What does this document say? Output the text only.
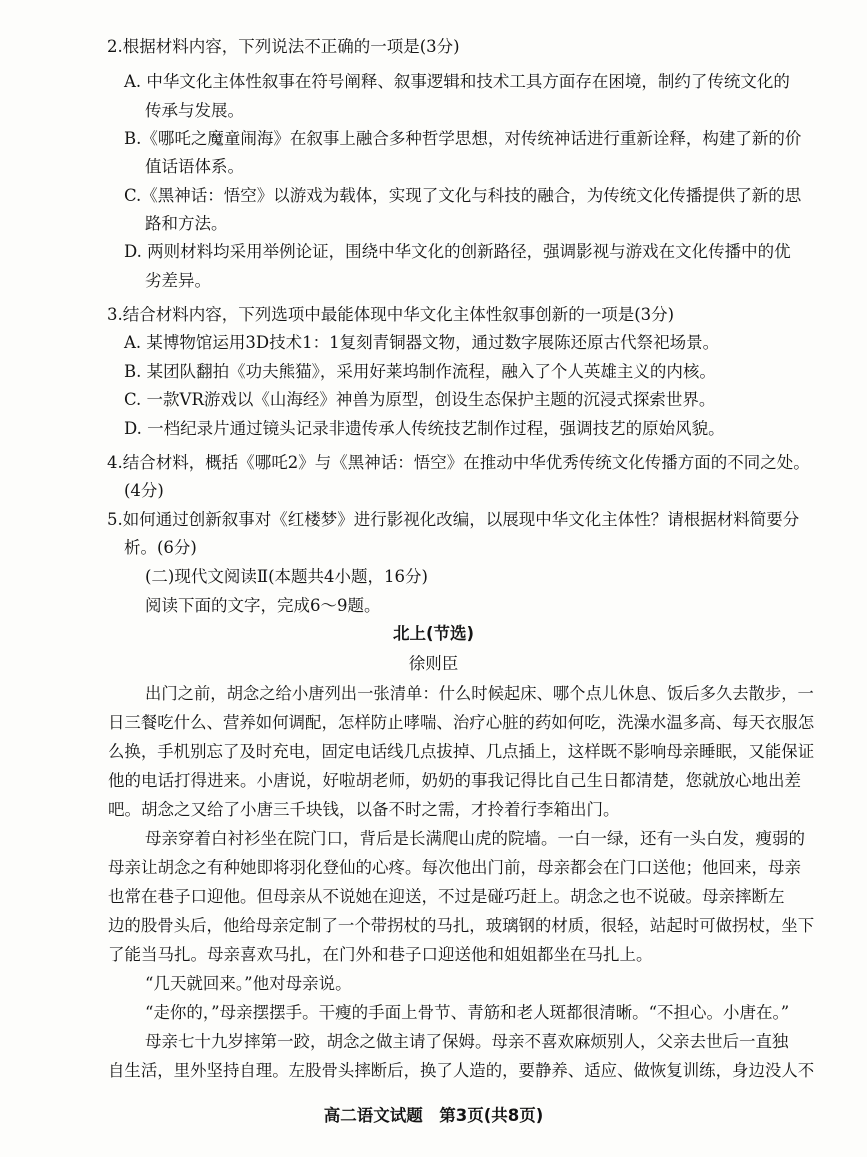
2.根据材料内容，下列说法不正确的一项是(3分)
A. 中华文化主体性叙事在符号阐释、叙事逻辑和技术工具方面存在困境，制约了传统文化的
传承与发展。
B.《哪吒之魔童闹海》在叙事上融合多种哲学思想，对传统神话进行重新诠释，构建了新的价
值话语体系。
C.《黑神话：悟空》以游戏为载体，实现了文化与科技的融合，为传统文化传播提供了新的思
路和方法。
D. 两则材料均采用举例论证，围绕中华文化的创新路径，强调影视与游戏在文化传播中的优
劣差异。
3.结合材料内容，下列选项中最能体现中华文化主体性叙事创新的一项是(3分)
A. 某博物馆运用3D技术1：1复刻青铜器文物，通过数字展陈还原古代祭祀场景。
B. 某团队翻拍《功夫熊猫》，采用好莱坞制作流程，融入了个人英雄主义的内核。
C. 一款VR游戏以《山海经》神兽为原型，创设生态保护主题的沉浸式探索世界。
D. 一档纪录片通过镜头记录非遗传承人传统技艺制作过程，强调技艺的原始风貌。
4.结合材料，概括《哪吒2》与《黑神话：悟空》在推动中华优秀传统文化传播方面的不同之处。
(4分)
5.如何通过创新叙事对《红楼梦》进行影视化改编，以展现中华文化主体性？请根据材料简要分
析。(6分)
(二)现代文阅读Ⅱ(本题共4小题，16分)
阅读下面的文字，完成6～9题。
北上(节选)
徐则臣
出门之前，胡念之给小唐列出一张清单：什么时候起床、哪个点儿休息、饭后多久去散步，一
日三餐吃什么、营养如何调配，怎样防止哮喘、治疗心脏的药如何吃，洗澡水温多高、每天衣服怎
么换，手机别忘了及时充电，固定电话线几点拔掉、几点插上，这样既不影响母亲睡眠，又能保证
他的电话打得进来。小唐说，好啦胡老师，奶奶的事我记得比自己生日都清楚，您就放心地出差
吧。胡念之又给了小唐三千块钱，以备不时之需，才拎着行李箱出门。
母亲穿着白衬衫坐在院门口，背后是长满爬山虎的院墙。一白一绿，还有一头白发，瘦弱的
母亲让胡念之有种她即将羽化登仙的心疼。每次他出门前，母亲都会在门口送他；他回来，母亲
也常在巷子口迎他。但母亲从不说她在迎送，不过是碰巧赶上。胡念之也不说破。母亲摔断左
边的股骨头后，他给母亲定制了一个带拐杖的马扎，玻璃钢的材质，很轻，站起时可做拐杖，坐下
了能当马扎。母亲喜欢马扎，在门外和巷子口迎送他和姐姐都坐在马扎上。
“几天就回来。”他对母亲说。
“走你的，”母亲摆摆手。干瘦的手面上骨节、青筋和老人斑都很清晰。“不担心。小唐在。”
母亲七十九岁摔第一跤，胡念之做主请了保姆。母亲不喜欢麻烦别人，父亲去世后一直独
自生活，里外坚持自理。左股骨头摔断后，换了人造的，要静养、适应、做恢复训练，身边没人不
高二语文试题　第3页(共8页)
